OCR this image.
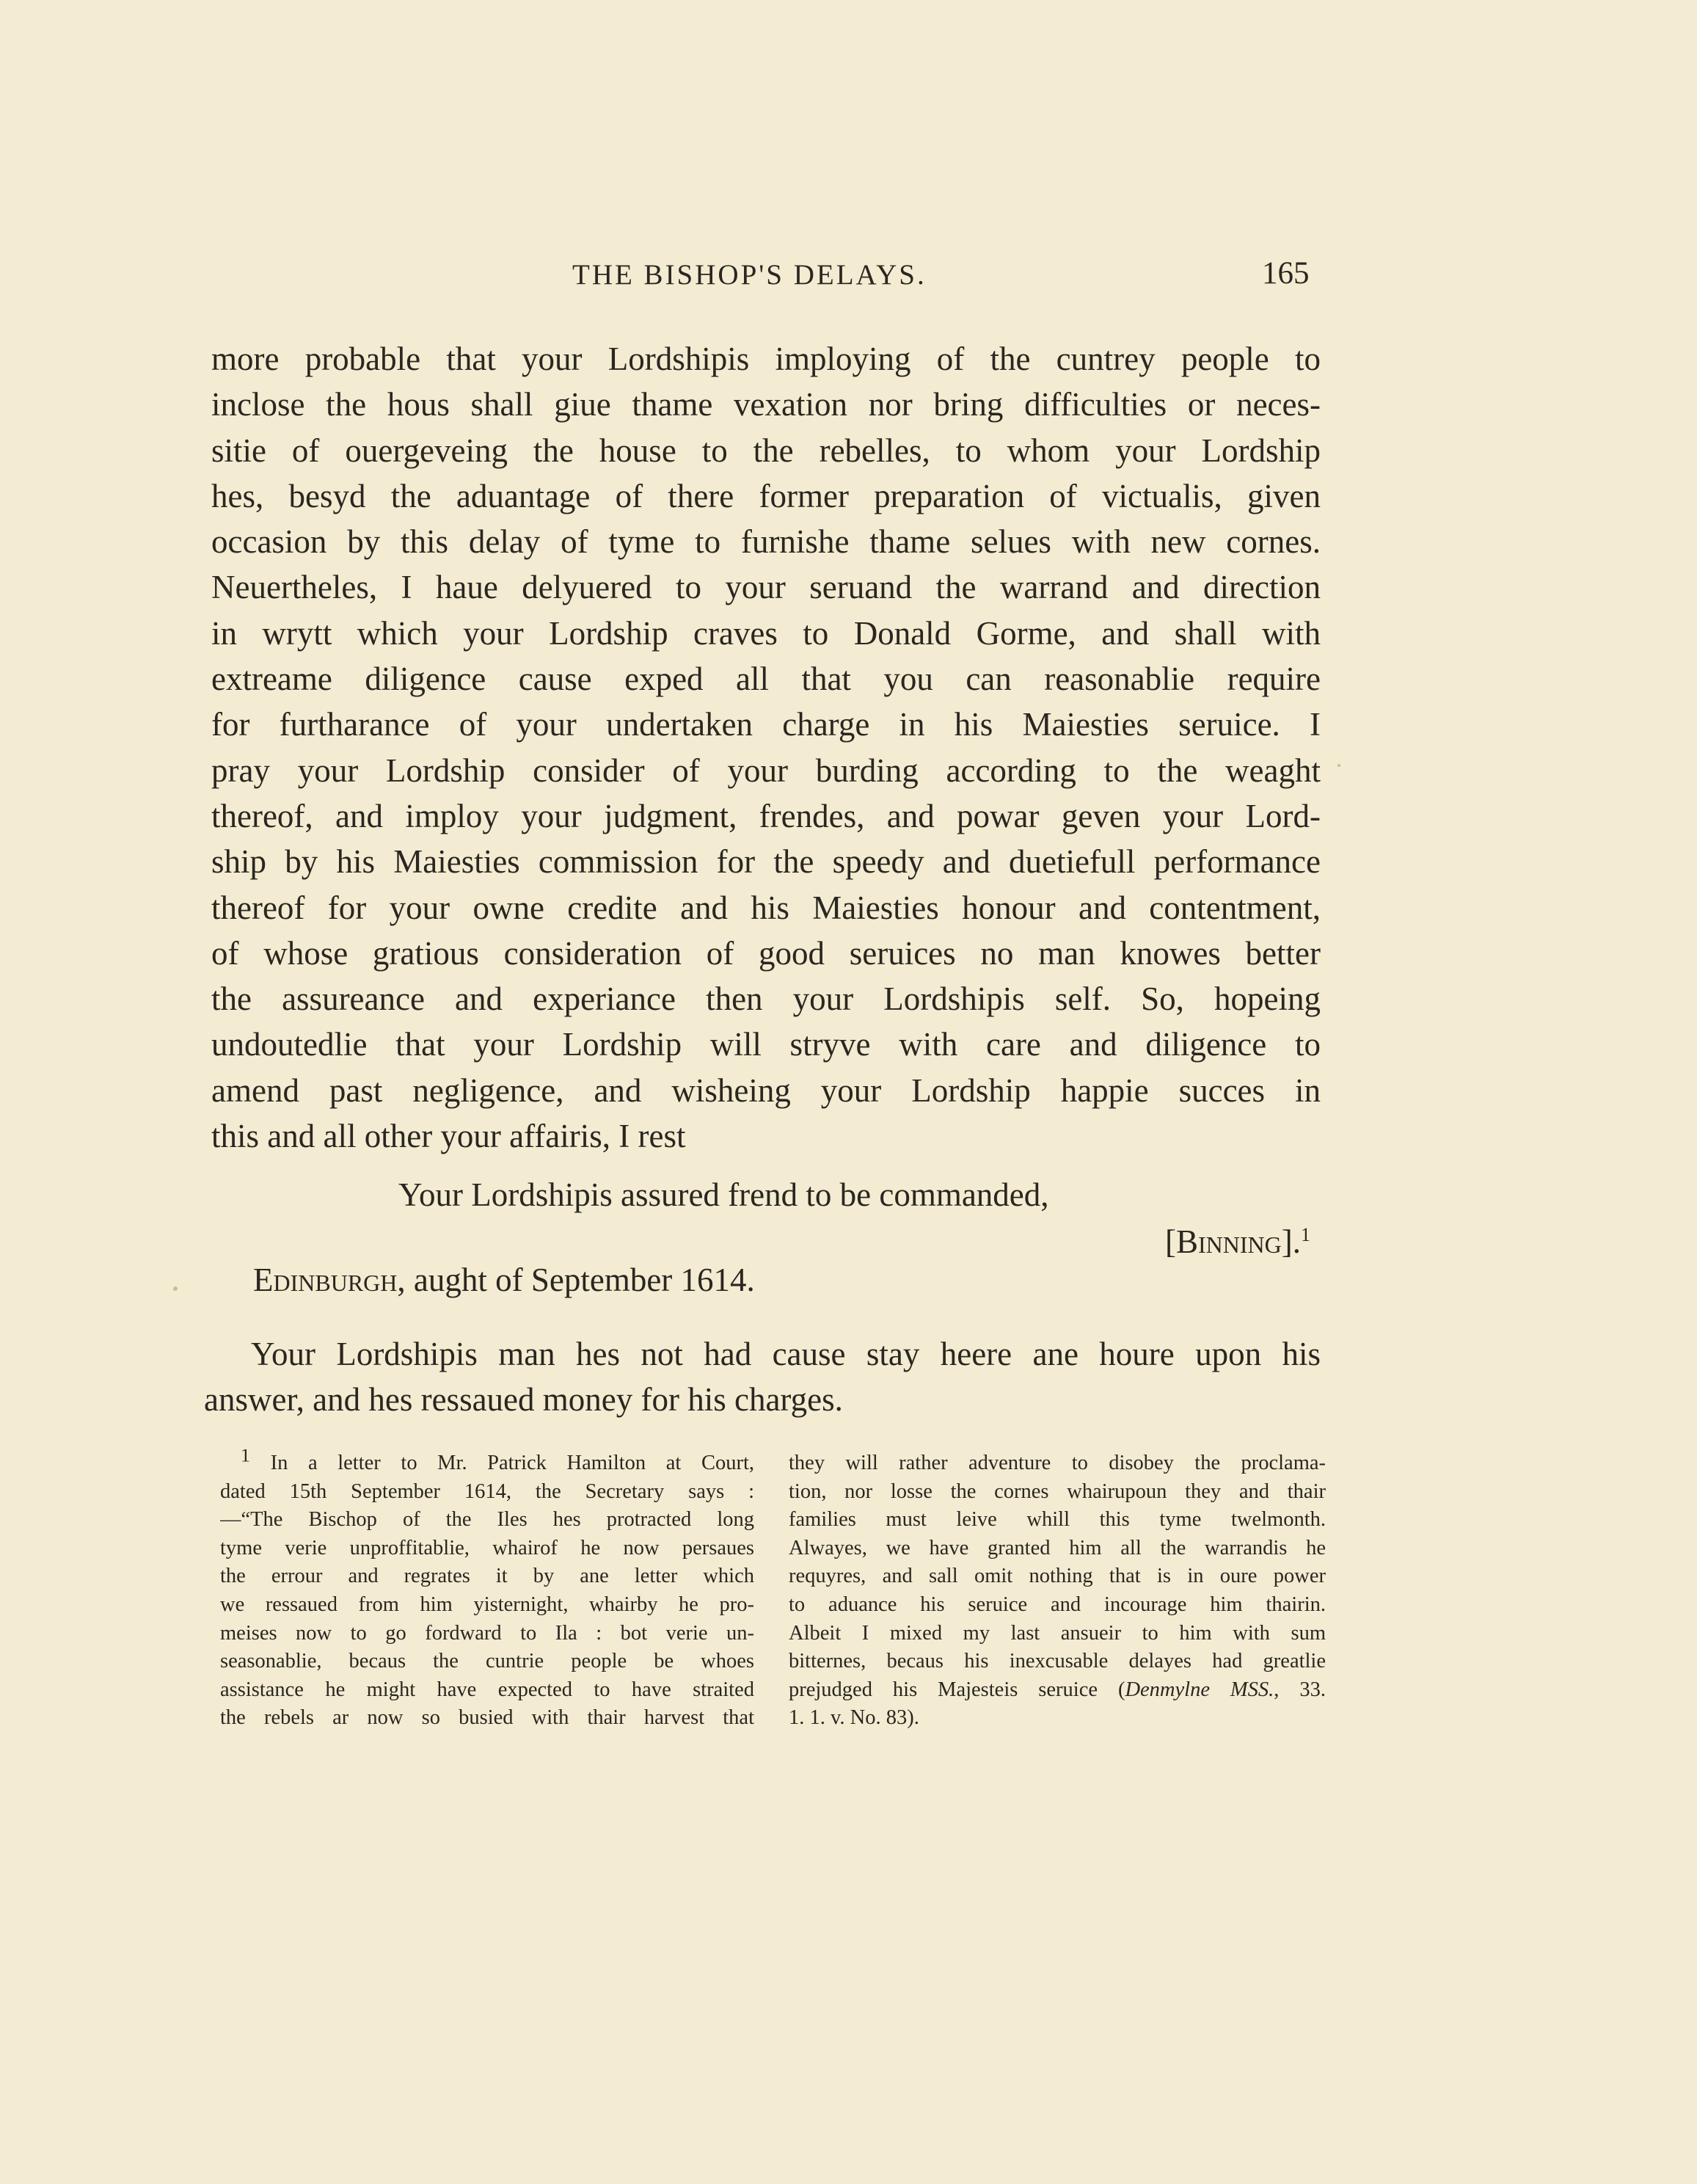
THE BISHOP'S DELAYS.	165
more probable that your Lordshipis imploying of the cuntrey people to
inclose the hous shall giue thame vexation nor bring difficulties or neces-
sitie of ouergeveing the house to the rebelles, to whom your Lordship
hes, besyd the aduantage of there former preparation of victualis, given
occasion by this delay of tyme to furnishe thame selues with new cornes.
Neuertheles, I haue delyuered to your seruand the warrand and direction
in wrytt which your Lordship craves to Donald Gorme, and shall with
extreame diligence cause exped all that you can reasonablie require
for furtharance of your undertaken charge in his Maiesties seruice. I
pray your Lordship consider of your burding according to the weaght
thereof, and imploy your judgment, frendes, and powar geven your Lord-
ship by his Maiesties commission for the speedy and duetiefull performance
thereof for your owne credite and his Maiesties honour and contentment,
of whose gratious consideration of good seruices no man knowes better
the assureance and experiance then your Lordshipis self. So, hopeing
undoutedlie that your Lordship will stryve with care and diligence to
amend past negligence, and wisheing your Lordship happie succes in
this and all other your affairis, I rest
Your Lordshipis assured frend to be commanded,
[Binning].$^1$
Edinburgh, aught of September 1614.
Your Lordshipis man hes not had cause stay heere ane houre upon his
answer, and hes ressaued money for his charges.
1 In a letter to Mr. Patrick Hamilton at Court,
dated 15th September 1614, the Secretary says :
—“The Bischop of the Iles hes protracted long
tyme verie unproffitablie, whairof he now persaues
the errour and regrates it by ane letter which
we ressaued from him yisternight, whairby he pro-
meises now to go fordward to Ila : bot verie un-
seasonablie, becaus the cuntrie people be whoes
assistance he might have expected to have straited
the rebels ar now so busied with thair harvest that
they will rather adventure to disobey the proclama-
tion, nor losse the cornes whairupoun they and thair
families must leive whill this tyme twelmonth.
Alwayes, we have granted him all the warrandis he
requyres, and sall omit nothing that is in oure power
to aduance his seruice and incourage him thairin.
Albeit I mixed my last ansueir to him with sum
bitternes, becaus his inexcusable delayes had greatlie
prejudged his Majesteis seruice (Denmylne MSS., 33.
1. 1. v. No. 83).
